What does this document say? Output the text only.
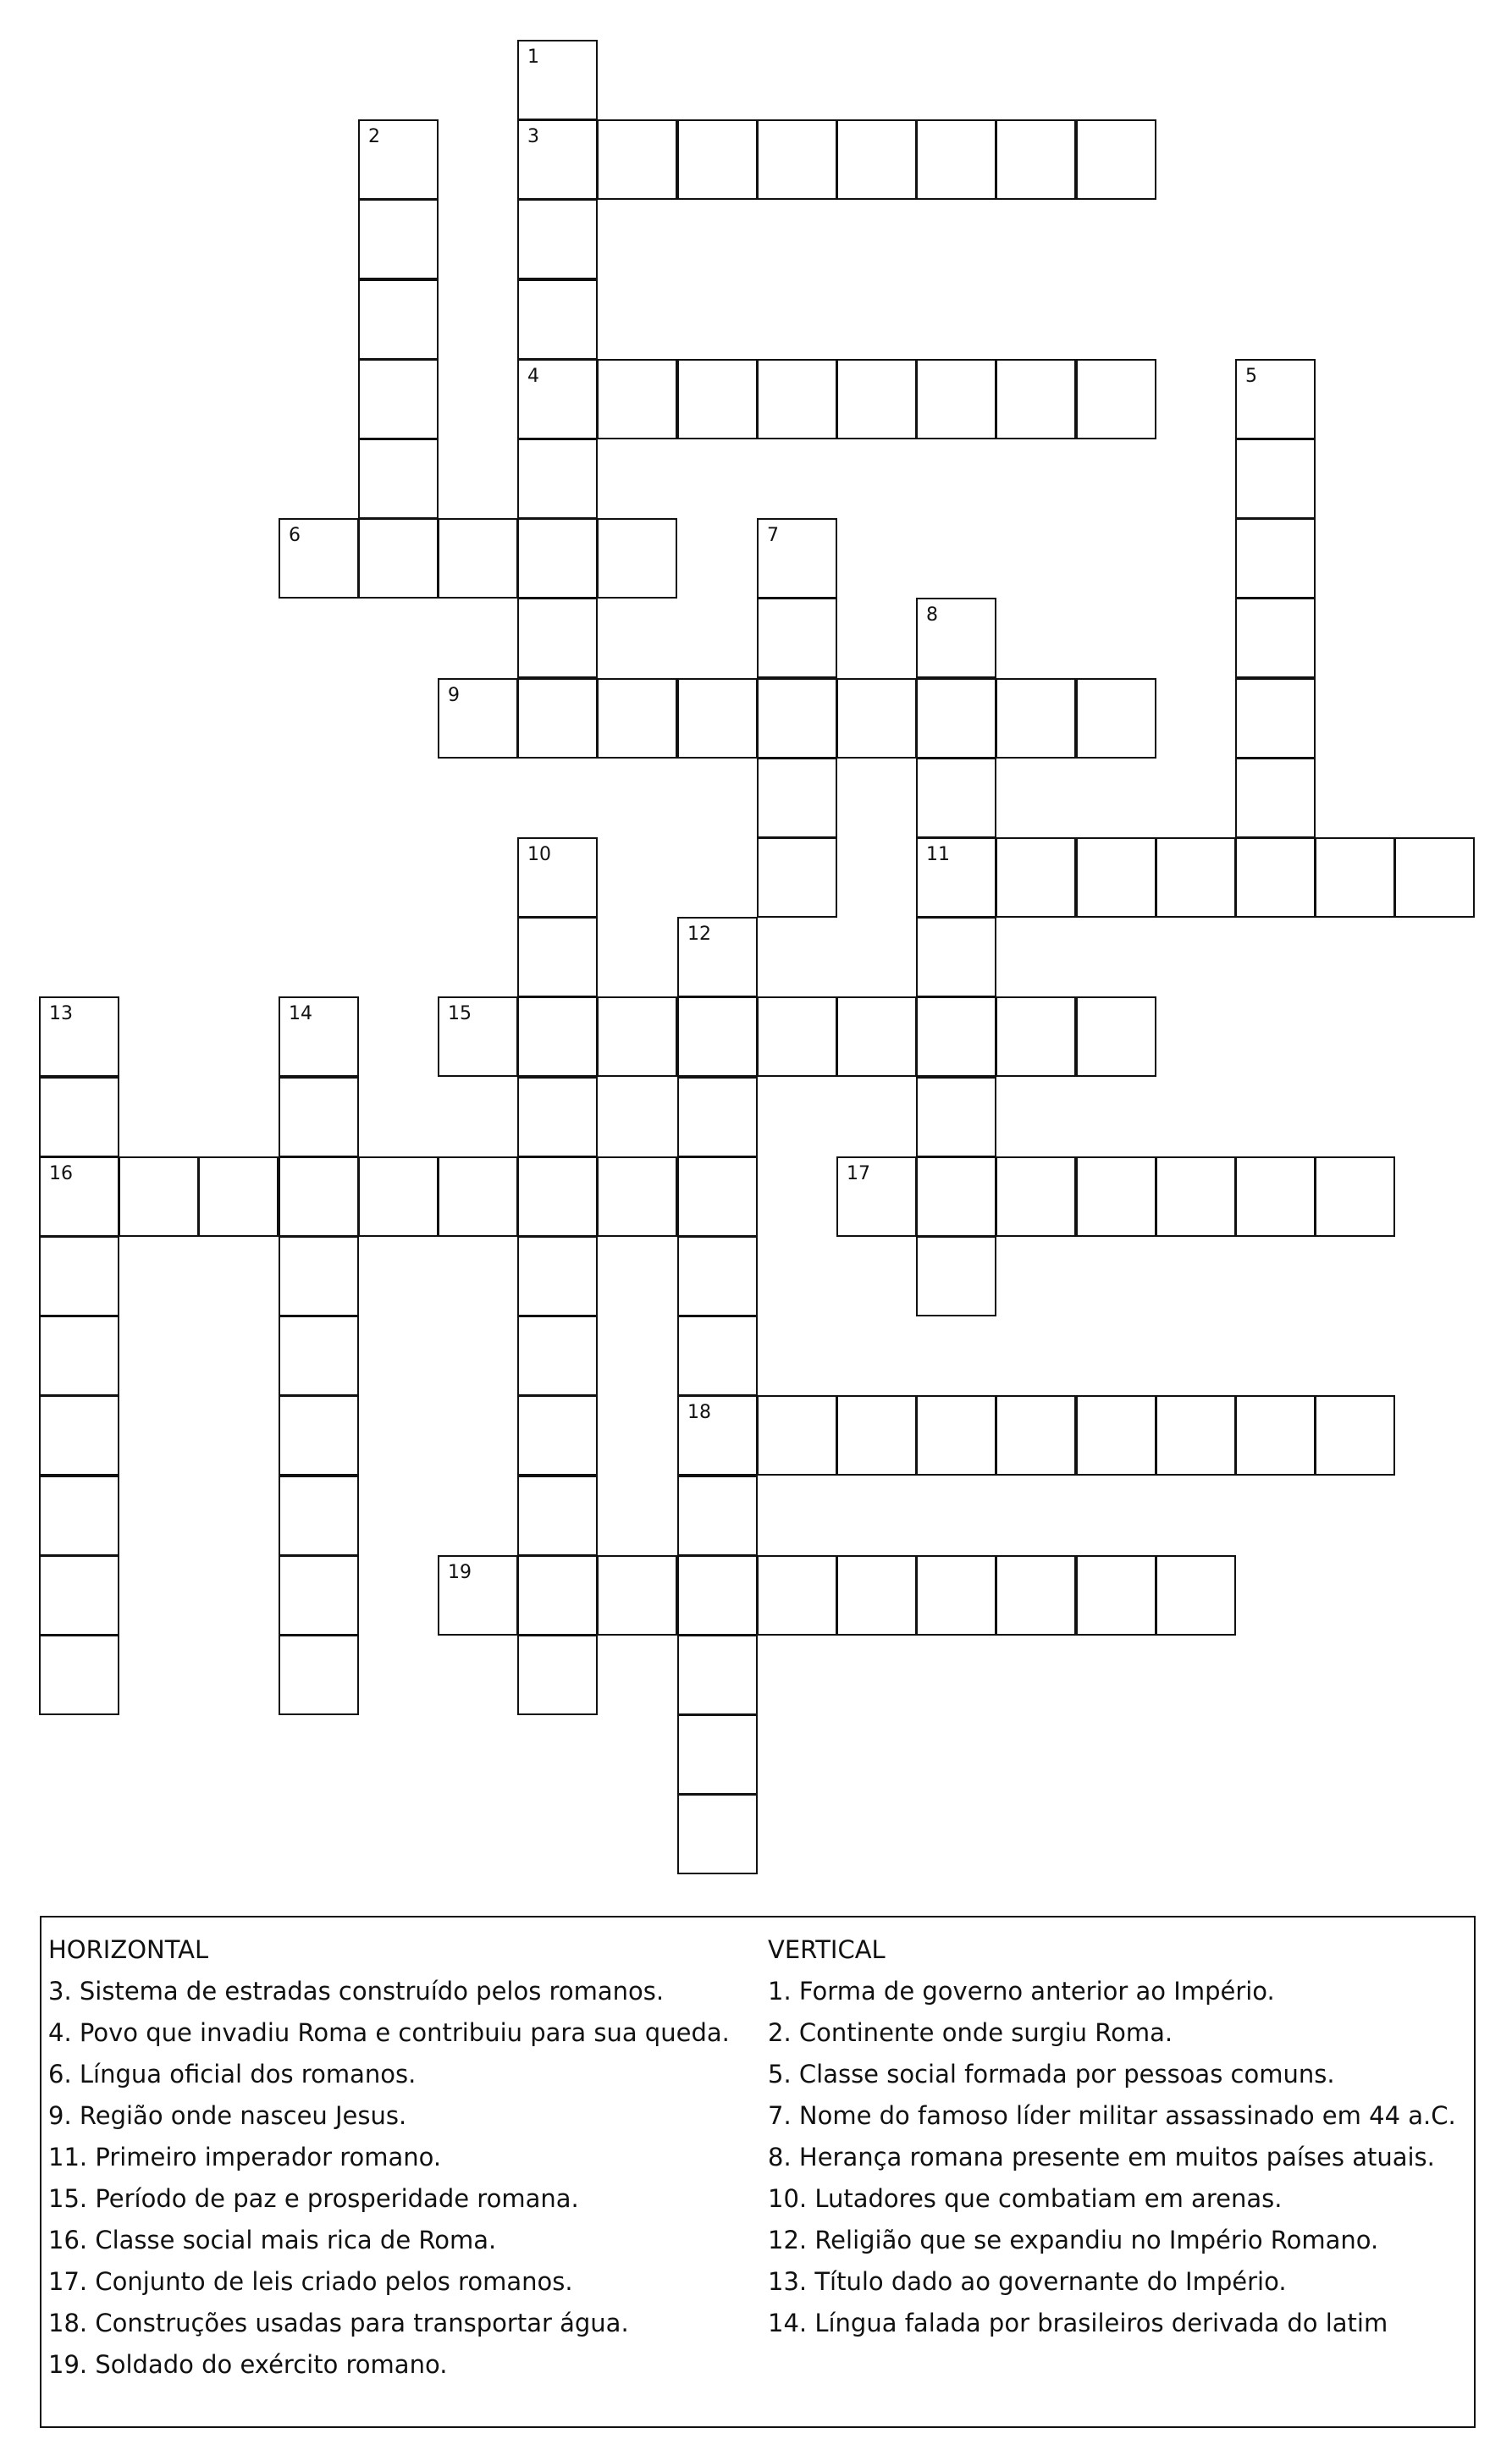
1
3
2
4	5
6	7
8
9
10	11
12
13	14	15
16	17
18
19
HORIZONTAL
3. Sistema de estradas construído pelos romanos.
4. Povo que invadiu Roma e contribuiu para sua queda.
6. Língua oficial dos romanos.
9. Região onde nasceu Jesus.
11. Primeiro imperador romano.
15. Período de paz e prosperidade romana.
16. Classe social mais rica de Roma.
17. Conjunto de leis criado pelos romanos.
18. Construções usadas para transportar água.
19. Soldado do exército romano.
VERTICAL
1. Forma de governo anterior ao Império.
2. Continente onde surgiu Roma.
5. Classe social formada por pessoas comuns.
7. Nome do famoso líder militar assassinado em 44 a.C.
8. Herança romana presente em muitos países atuais.
10. Lutadores que combatiam em arenas.
12. Religião que se expandiu no Império Romano.
13. Título dado ao governante do Império.
14. Língua falada por brasileiros derivada do latim
